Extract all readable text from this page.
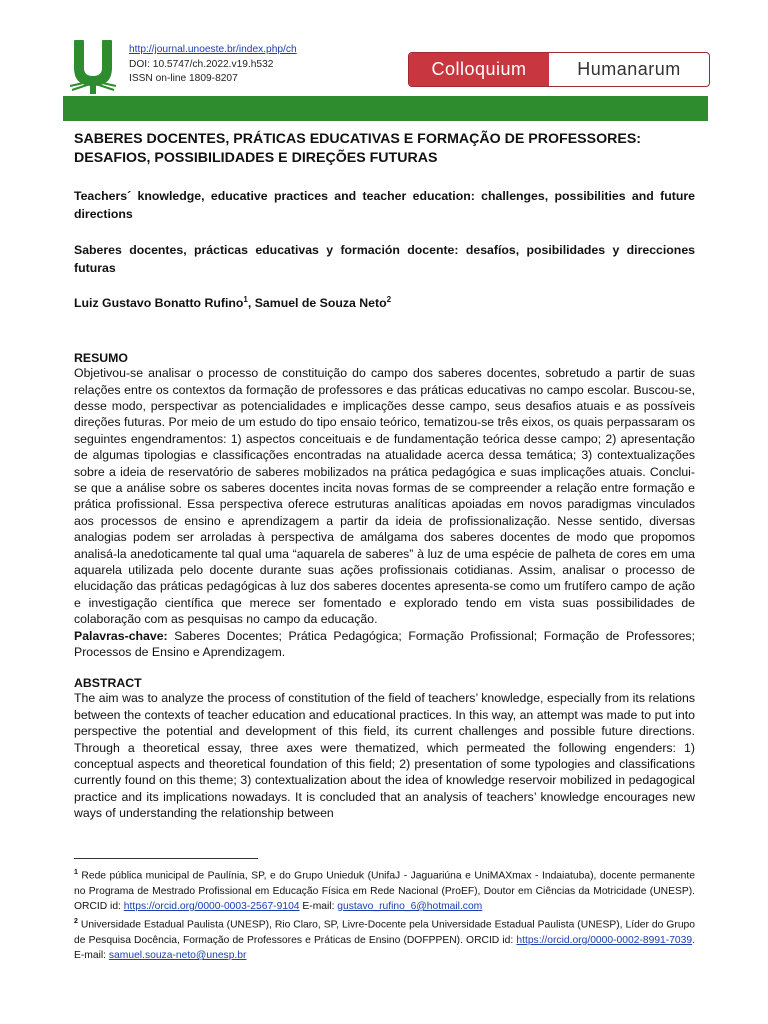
http://journal.unoeste.br/index.php/ch
DOI: 10.5747/ch.2022.v19.h532
ISSN on-line 1809-8207	Colloquium	Humanarum
SABERES DOCENTES, PRÁTICAS EDUCATIVAS E FORMAÇÃO DE PROFESSORES: DESAFIOS, POSSIBILIDADES E DIREÇÕES FUTURAS

Teachers´ knowledge, educative practices and teacher education: challenges, possibilities and future directions

Saberes docentes, prácticas educativas y formación docente: desafíos, posibilidades y direcciones futuras

Luiz Gustavo Bonatto Rufino$^1$, Samuel de Souza Neto$^2$

RESUMO

Objetivou-se analisar o processo de constituição do campo dos saberes docentes, sobretudo a partir de suas relações entre os contextos da formação de professores e das práticas educativas no campo escolar. Buscou-se, desse modo, perspectivar as potencialidades e implicações desse campo, seus desafios atuais e as possíveis direções futuras. Por meio de um estudo do tipo ensaio teórico, tematizou-se três eixos, os quais perpassaram os seguintes engendramentos: 1) aspectos conceituais e de fundamentação teórica desse campo; 2) apresentação de algumas tipologias e classificações encontradas na atualidade acerca dessa temática; 3) contextualizações sobre a ideia de reservatório de saberes mobilizados na prática pedagógica e suas implicações atuais. Conclui-se que a análise sobre os saberes docentes incita novas formas de se compreender a relação entre formação e prática profissional. Essa perspectiva oferece estruturas analíticas apoiadas em novos paradigmas vinculados aos processos de ensino e aprendizagem a partir da ideia de profissionalização. Nesse sentido, diversas analogias podem ser arroladas à perspectiva de amálgama dos saberes docentes de modo que propomos analisá-la anedoticamente tal qual uma “aquarela de saberes” à luz de uma espécie de palheta de cores em uma aquarela utilizada pelo docente durante suas ações profissionais cotidianas. Assim, analisar o processo de elucidação das práticas pedagógicas à luz dos saberes docentes apresenta-se como um frutífero campo de ação e investigação científica que merece ser fomentado e explorado tendo em vista suas possibilidades de colaboração com as pesquisas no campo da educação.

Palavras-chave: Saberes Docentes; Prática Pedagógica; Formação Profissional; Formação de Professores; Processos de Ensino e Aprendizagem.

ABSTRACT

The aim was to analyze the process of constitution of the field of teachers’ knowledge, especially from its relations between the contexts of teacher education and educational practices. In this way, an attempt was made to put into perspective the potential and development of this field, its current challenges and possible future directions. Through a theoretical essay, three axes were thematized, which permeated the following engenders: 1) conceptual aspects and theoretical foundation of this field; 2) presentation of some typologies and classifications currently found on this theme; 3) contextualization about the idea of knowledge reservoir mobilized in pedagogical practice and its implications nowadays. It is concluded that an analysis of teachers’ knowledge encourages new ways of understanding the relationship between

$^1$ Rede pública municipal de Paulínia, SP, e do Grupo Unieduk (UnifaJ - Jaguariúna e UniMAXmax - Indaiatuba), docente permanente no Programa de Mestrado Profissional em Educação Física em Rede Nacional (ProEF), Doutor em Ciências da Motricidade (UNESP). ORCID id: https://orcid.org/0000-0003-2567-9104 E-mail: gustavo_rufino_6@hotmail.com

$^2$ Universidade Estadual Paulista (UNESP), Rio Claro, SP, Livre-Docente pela Universidade Estadual Paulista (UNESP), Líder do Grupo de Pesquisa Docência, Formação de Professores e Práticas de Ensino (DOFPPEN). ORCID id: https://orcid.org/0000-0002-8991-7039. E-mail: samuel.souza-neto@unesp.br
